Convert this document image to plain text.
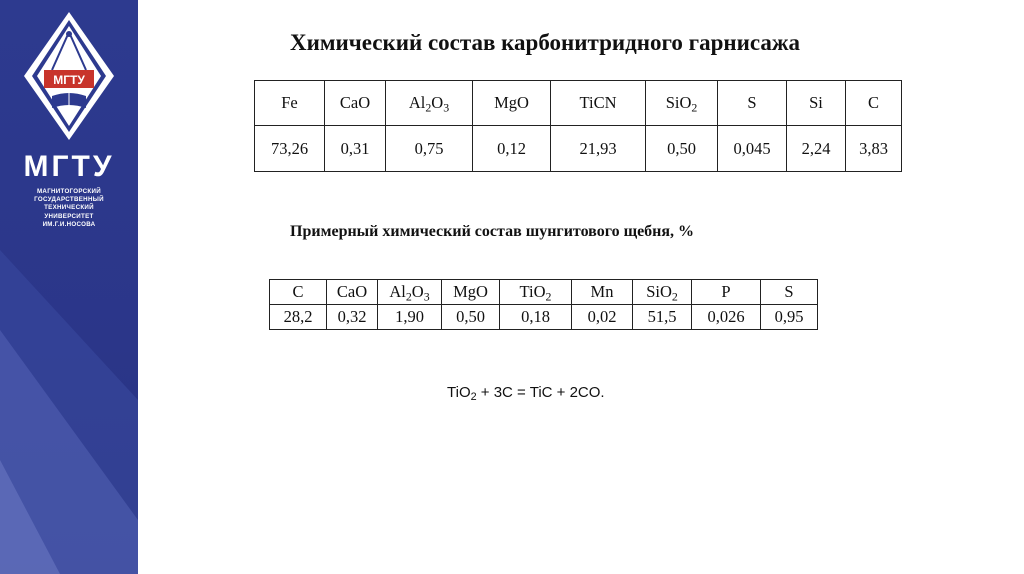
МГТУ
МГТУ
МАГНИТОГОРСКИЙ
ГОСУДАРСТВЕННЫЙ
ТЕХНИЧЕСКИЙ
УНИВЕРСИТЕТ
ИМ.Г.И.НОСОВА
Химический состав карбонитридного гарнисажа
Fe	CaO	$Al_2O_3$	MgO	TiCN	SiO$_2$	S	Si	C
73,26	0,31	0,75	0,12	21,93	0,50	0,045	2,24	3,83
Примерный химический состав шунгитового щебня, %
C	CaO	$Al_2O_3$	MgO	TiO$_2$	Mn	SiO$_2$	P	S
28,2	0,32	1,90	0,50	0,18	0,02	51,5	0,026	0,95
TiO$_2$ + 3C = TiC + 2CO.
